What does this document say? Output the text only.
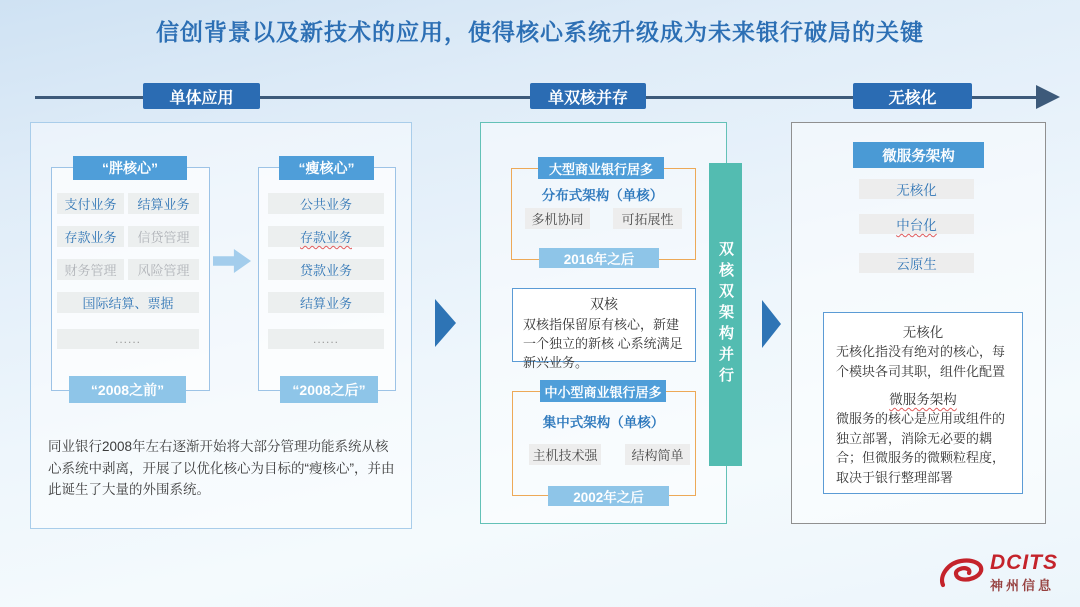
信创背景以及新技术的应用，使得核心系统升级成为未来银行破局的关键
单体应用	单双核并存	无核化
“胖核心”
支付业务	结算业务
存款业务	信贷管理
财务管理	风险管理
国际结算、票据
......
“2008之前”
“瘦核心”
公共业务
存款业务
贷款业务
结算业务
......
“2008之后”
同业银行2008年左右逐渐开始将大部分管理功能系统从核心系统中剥离，开展了以优化核心为目标的“瘦核心”，并由此诞生了大量的外围系统。
大型商业银行居多
分布式架构（单核）
多机协同	可拓展性
2016年之后
双核
双核指保留原有核心，新建一个独立的新核 心系统满足新兴业务。
中小型商业银行居多
集中式架构（单核）
主机技术强	结构简单
2002年之后
双核双架构并行
微服务架构
无核化
中台化
云原生
无核化
无核化指没有绝对的核心，每个模块各司其职，组件化配置
微服务架构
微服务的核心是应用或组件的独立部署，消除无必要的耦合；但微服务的微颗粒程度，取决于银行整理部署
DCITS
神州信息
